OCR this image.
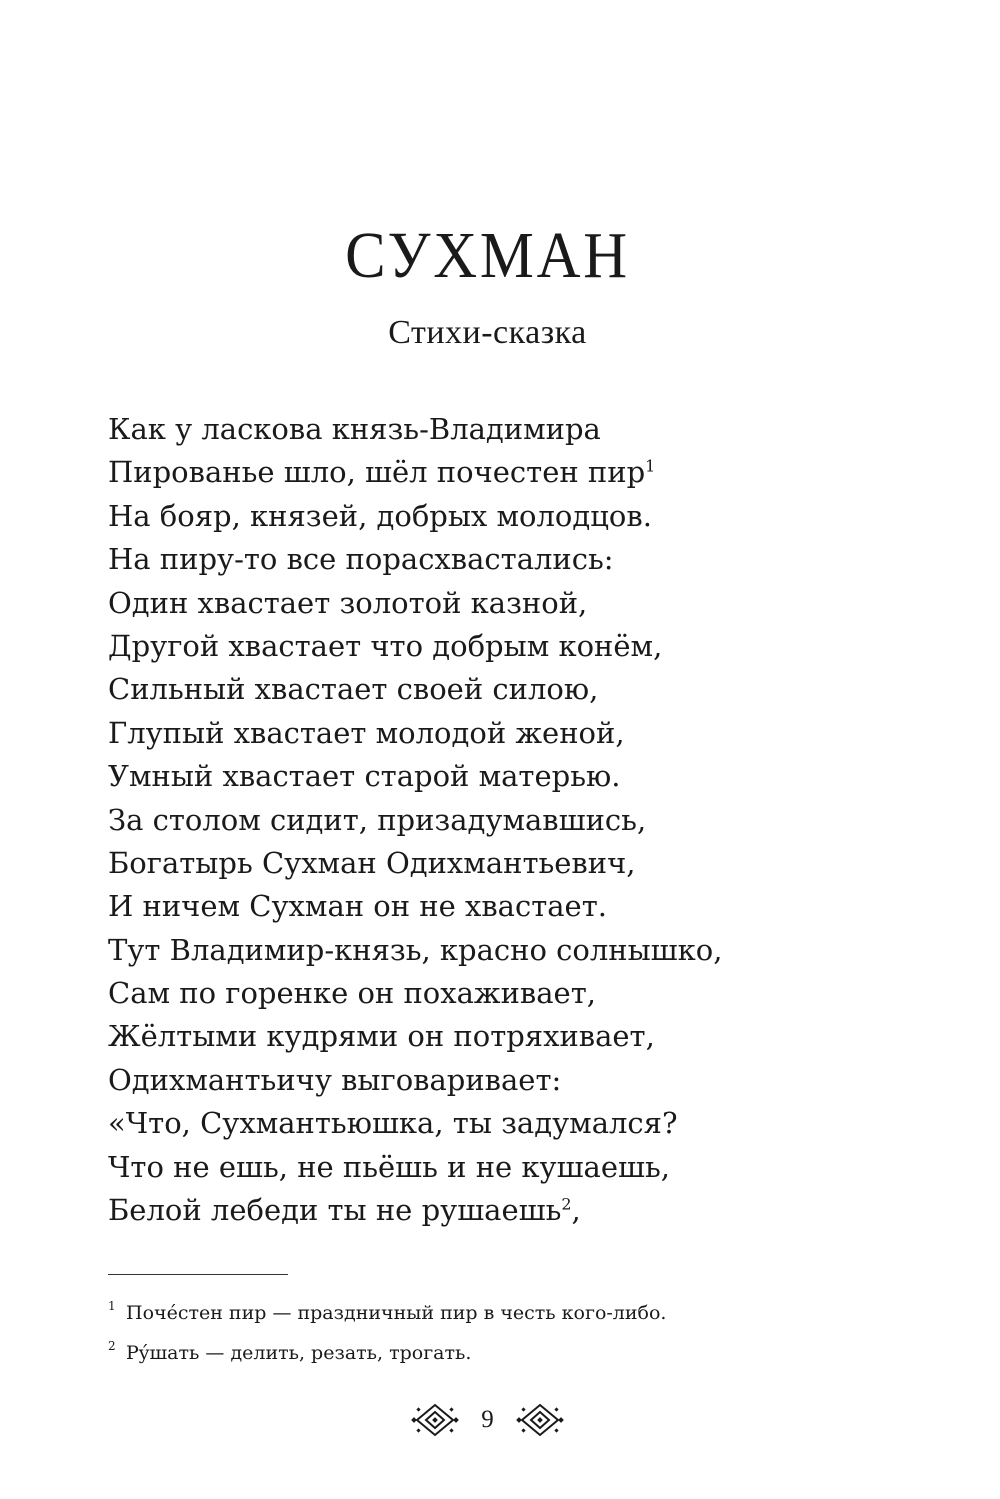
СУХМАН
Стихи-сказка
Как у ласкова князь-Владимира
Пированье шло, шёл почестен пир$^1$
На бояр, князей, добрых молодцов.
На пиру-то все порасхвастались:
Один хвастает золотой казной,
Другой хвастает что добрым конём,
Сильный хвастает своей силою,
Глупый хвастает молодой женой,
Умный хвастает старой матерью.
За столом сидит, призадумавшись,
Богатырь Сухман Одихмантьевич,
И ничем Сухман он не хвастает.
Тут Владимир-князь, красно солнышко,
Сам по горенке он похаживает,
Жёлтыми кудрями он потряхивает,
Одихмантьичу выговаривает:
«Что, Сухмантьюшка, ты задумался?
Что не ешь, не пьёшь и не кушаешь,
Белой лебеди ты не рушаешь$^2$,
1 Почéстен пир — праздничный пир в честь кого-либо.
2 Рýшать — делить, резать, трогать.
9
